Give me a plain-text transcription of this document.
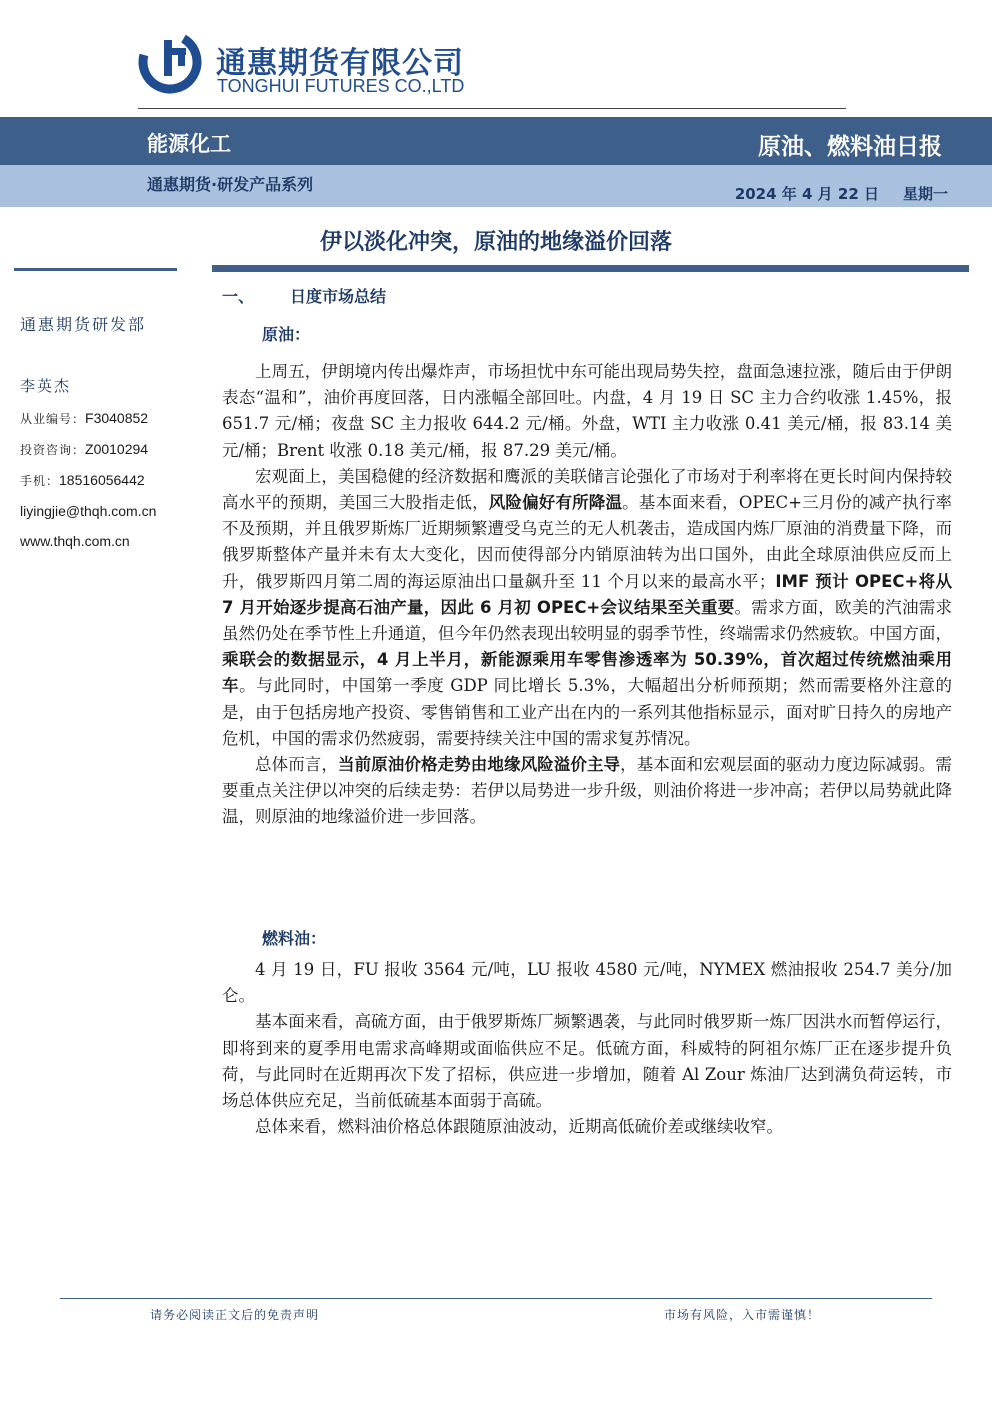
通惠期货有限公司
TONGHUI FUTURES CO.,LTD
能源化工	原油、燃料油日报
通惠期货·研发产品系列	2024 年 4 月 22 日 星期一
伊以淡化冲突，原油的地缘溢价回落
通惠期货研发部
李英杰
从业编号：F3040852
投资咨询：Z0010294
手机：18516056442
liyingjie@thqh.com.cn
www.thqh.com.cn
一、 日度市场总结
原油：

上周五，伊朗境内传出爆炸声，市场担忧中东可能出现局势失控，盘面急速拉涨，随后由于伊朗表态“温和”，油价再度回落，日内涨幅全部回吐。内盘，4 月 19 日 SC 主力合约收涨 1.45%，报 651.7 元/桶；夜盘 SC 主力报收 644.2 元/桶。外盘，WTI 主力收涨 0.41 美元/桶，报 83.14 美元/桶；Brent 收涨 0.18 美元/桶，报 87.29 美元/桶。

宏观面上，美国稳健的经济数据和鹰派的美联储言论强化了市场对于利率将在更长时间内保持较高水平的预期，美国三大股指走低，风险偏好有所降温。基本面来看，OPEC+三月份的减产执行率不及预期，并且俄罗斯炼厂近期频繁遭受乌克兰的无人机袭击，造成国内炼厂原油的消费量下降，而俄罗斯整体产量并未有太大变化，因而使得部分内销原油转为出口国外，由此全球原油供应反而上升，俄罗斯四月第二周的海运原油出口量飙升至 11 个月以来的最高水平；IMF 预计 OPEC+将从 7 月开始逐步提高石油产量，因此 6 月初 OPEC+会议结果至关重要。需求方面，欧美的汽油需求虽然仍处在季节性上升通道，但今年仍然表现出较明显的弱季节性，终端需求仍然疲软。中国方面，乘联会的数据显示，4 月上半月，新能源乘用车零售渗透率为 50.39%，首次超过传统燃油乘用车。与此同时，中国第一季度 GDP 同比增长 5.3%，大幅超出分析师预期；然而需要格外注意的是，由于包括房地产投资、零售销售和工业产出在内的一系列其他指标显示，面对旷日持久的房地产危机，中国的需求仍然疲弱，需要持续关注中国的需求复苏情况。

总体而言，当前原油价格走势由地缘风险溢价主导，基本面和宏观层面的驱动力度边际减弱。需要重点关注伊以冲突的后续走势：若伊以局势进一步升级，则油价将进一步冲高；若伊以局势就此降温，则原油的地缘溢价进一步回落。

燃料油：

4 月 19 日，FU 报收 3564 元/吨，LU 报收 4580 元/吨，NYMEX 燃油报收 254.7 美分/加仑。

基本面来看，高硫方面，由于俄罗斯炼厂频繁遇袭，与此同时俄罗斯一炼厂因洪水而暂停运行，即将到来的夏季用电需求高峰期或面临供应不足。低硫方面，科威特的阿祖尔炼厂正在逐步提升负荷，与此同时在近期再次下发了招标，供应进一步增加，随着 Al Zour 炼油厂达到满负荷运转，市场总体供应充足，当前低硫基本面弱于高硫。

总体来看，燃料油价格总体跟随原油波动，近期高低硫价差或继续收窄。

请务必阅读正文后的免责声明	市场有风险，入市需谨慎！
